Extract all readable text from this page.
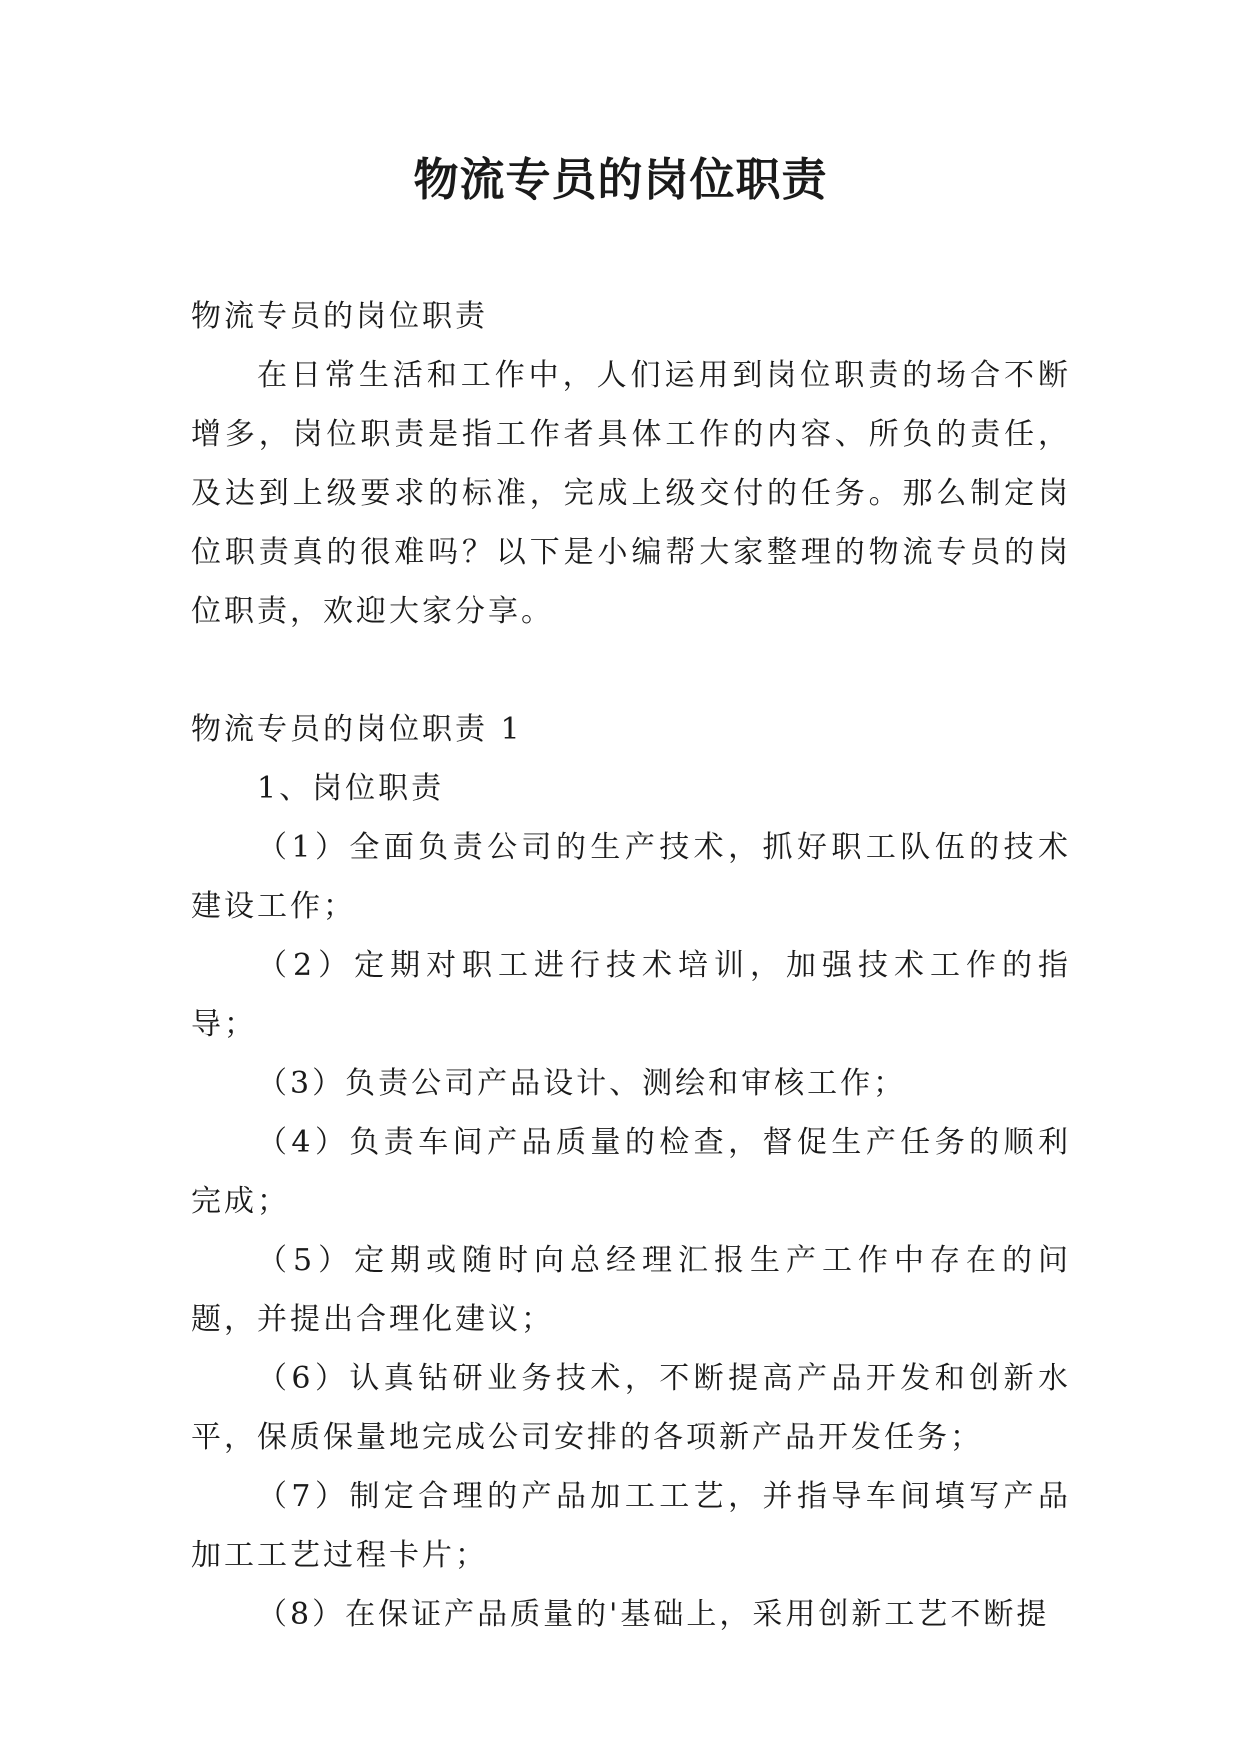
物流专员的岗位职责

物流专员的岗位职责

在日常生活和工作中，人们运用到岗位职责的场合不断增多，岗位职责是指工作者具体工作的内容、所负的责任，及达到上级要求的标准，完成上级交付的任务。那么制定岗位职责真的很难吗？以下是小编帮大家整理的物流专员的岗位职责，欢迎大家分享。

物流专员的岗位职责 1

1、岗位职责

（1）全面负责公司的生产技术，抓好职工队伍的技术建设工作；

（2）定期对职工进行技术培训，加强技术工作的指导；

（3）负责公司产品设计、测绘和审核工作；

（4）负责车间产品质量的检查，督促生产任务的顺利完成；

（5）定期或随时向总经理汇报生产工作中存在的问题，并提出合理化建议；

（6）认真钻研业务技术，不断提高产品开发和创新水平，保质保量地完成公司安排的各项新产品开发任务；

（7）制定合理的产品加工工艺，并指导车间填写产品加工工艺过程卡片；

（8）在保证产品质量的'基础上，采用创新工艺不断提
